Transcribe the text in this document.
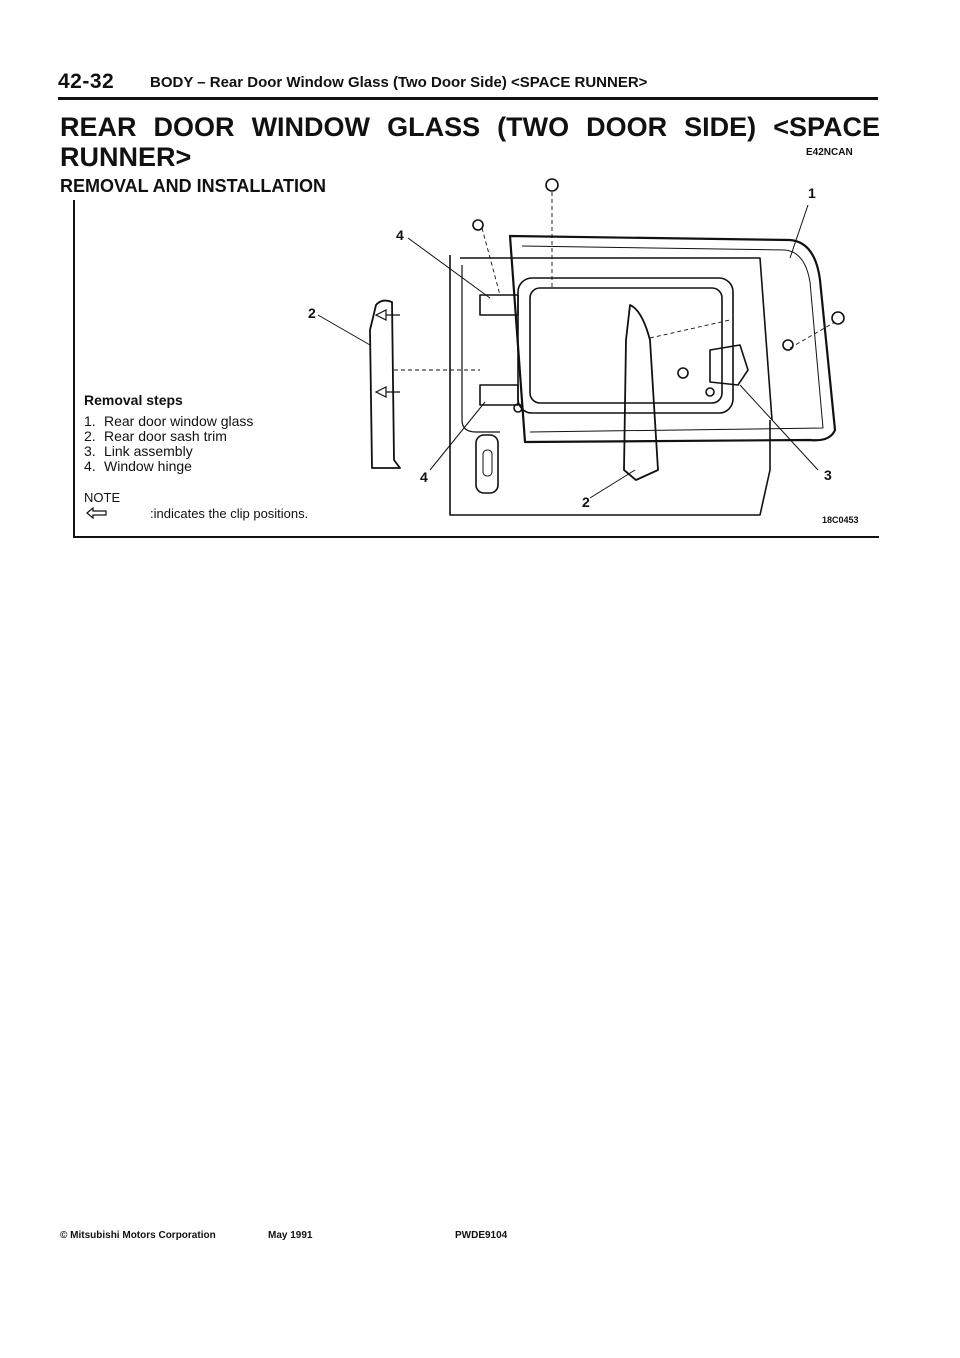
42-32 BODY – Rear Door Window Glass (Two Door Side) <SPACE RUNNER>
REAR DOOR WINDOW GLASS (TWO DOOR SIDE) <SPACE RUNNER>	E42NCAN
REMOVAL AND INSTALLATION	1
2
2
3
4
4
Removal steps
1. Rear door window glass
2. Rear door sash trim
3. Link assembly
4. Window hinge
NOTE
:indicates the clip positions.	18C0453
© Mitsubishi Motors Corporation	May 1991	PWDE9104
